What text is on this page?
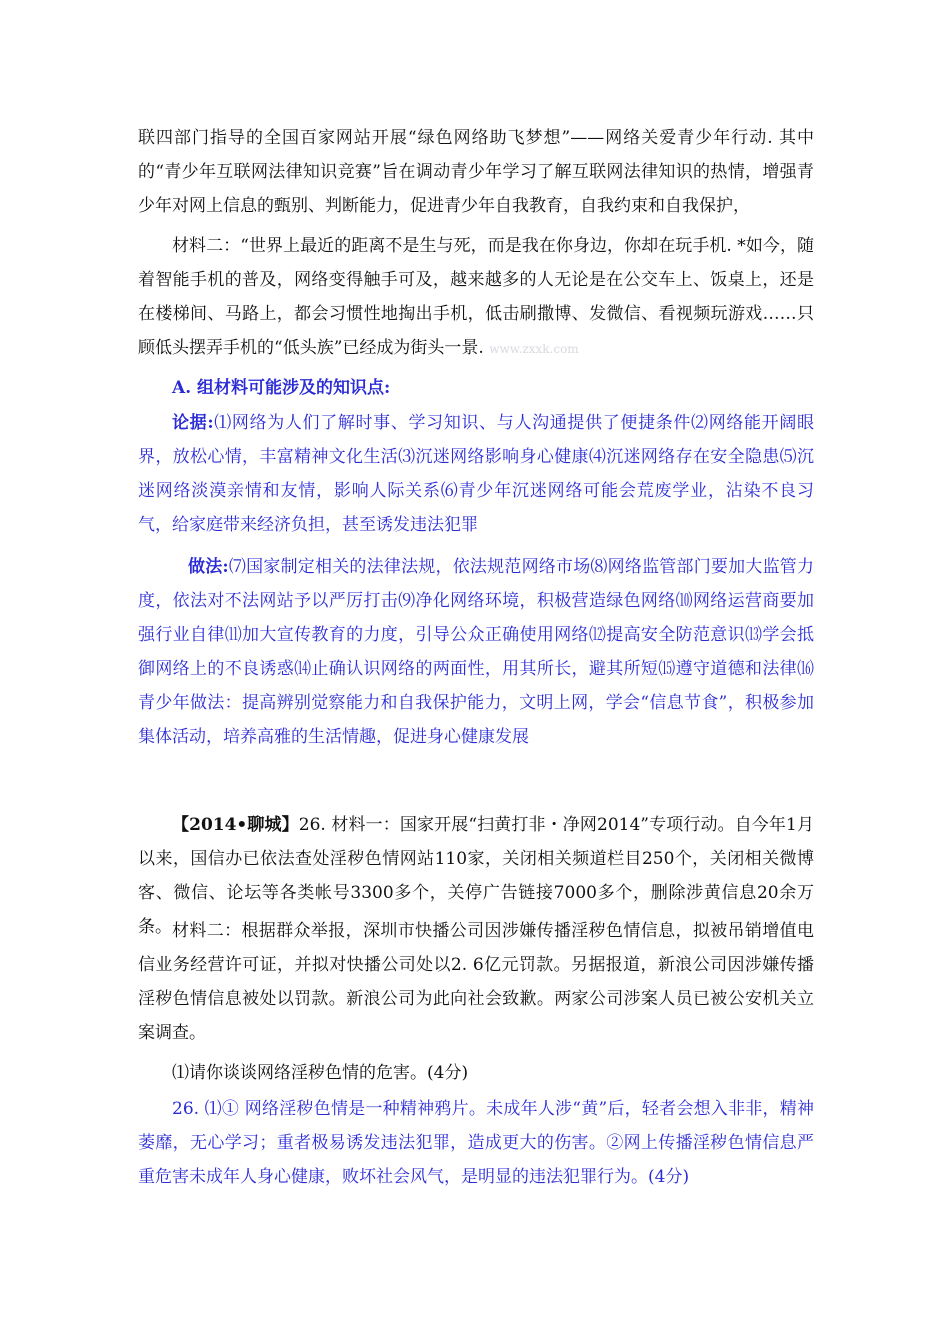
联四部门指导的全国百家网站开展“绿色网络助飞梦想”——网络关爱青少年行动. 其中的“青少年互联网法律知识竞赛”旨在调动青少年学习了解互联网法律知识的热情，增强青少年对网上信息的甄别、判断能力，促进青少年自我教育，自我约束和自我保护，

材料二：“世界上最近的距离不是生与死，而是我在你身边，你却在玩手机. *如今，随着智能手机的普及，网络变得触手可及，越来越多的人无论是在公交车上、饭桌上，还是在楼梯间、马路上，都会习惯性地掏出手机，低击刷撒博、发微信、看视频玩游戏……只顾低头摆弄手机的“低头族”已经成为街头一景. www.zxxk.com

A. 组材料可能涉及的知识点:

论据:⑴网络为人们了解时事、学习知识、与人沟通提供了便捷条件⑵网络能开阔眼界，放松心情，丰富精神文化生活⑶沉迷网络影响身心健康⑷沉迷网络存在安全隐患⑸沉迷网络淡漠亲情和友情，影响人际关系⑹青少年沉迷网络可能会荒废学业，沾染不良习气，给家庭带来经济负担，甚至诱发违法犯罪

做法:⑺国家制定相关的法律法规，依法规范网络市场⑻网络监管部门要加大监管力度，依法对不法网站予以严厉打击⑼净化网络环境，积极营造绿色网络⑽网络运营商要加强行业自律⑾加大宣传教育的力度，引导公众正确使用网络⑿提高安全防范意识⒀学会抵御网络上的不良诱惑⒁止确认识网络的两面性，用其所长，避其所短⒂遵守道德和法律⒃青少年做法：提高辨别觉察能力和自我保护能力，文明上网，学会“信息节食”，积极参加集体活动，培养高雅的生活情趣，促进身心健康发展

【2014•聊城】26. 材料一：国家开展“扫黄打非・净网2014”专项行动。自今年1月以来，国信办已依法查处淫秽色情网站110家，关闭相关频道栏目250个，关闭相关微博客、微信、论坛等各类帐号3300多个，关停广告链接7000多个，删除涉黄信息20余万条。 材料二：根据群众举报，深圳市快播公司因涉嫌传播淫秽色情信息，拟被吊销增值电信业务经营许可证，并拟对快播公司处以2. 6亿元罚款。另据报道，新浪公司因涉嫌传播淫秽色情信息被处以罚款。新浪公司为此向社会致歉。两家公司涉案人员已被公安机关立案调查。

⑴请你谈谈网络淫秽色情的危害。(4分)

26. ⑴① 网络淫秽色情是一种精神鸦片。未成年人涉“黄”后，轻者会想入非非，精神萎靡，无心学习；重者极易诱发违法犯罪，造成更大的伤害。②网上传播淫秽色情信息严重危害未成年人身心健康，败坏社会风气，是明显的违法犯罪行为。(4分)
